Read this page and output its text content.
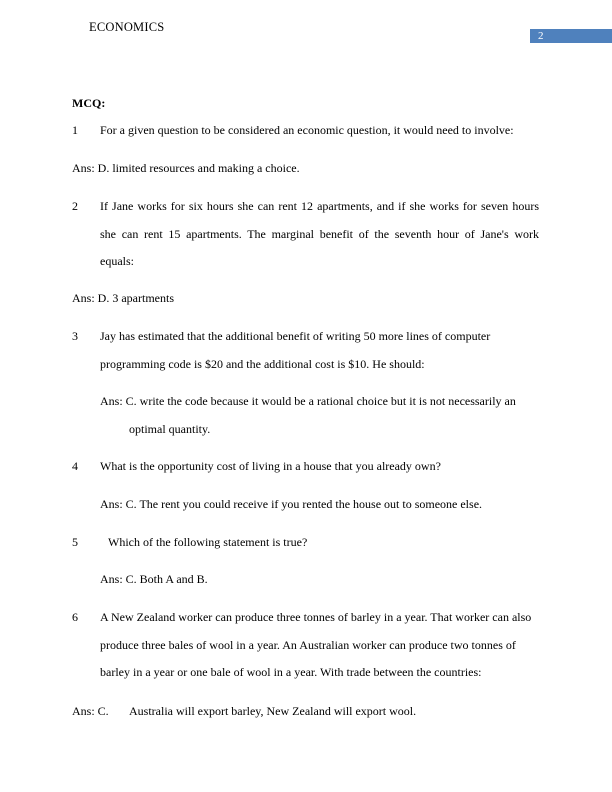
ECONOMICS
2
MCQ:
1 For a given question to be considered an economic question, it would need to involve:
Ans: D. limited resources and making a choice.
2 If Jane works for six hours she can rent 12 apartments, and if she works for seven hours
she can rent 15 apartments. The marginal benefit of the seventh hour of Jane's work
equals:
Ans: D. 3 apartments
3 Jay has estimated that the additional benefit of writing 50 more lines of computer
programming code is $20 and the additional cost is $10. He should:
Ans: C. write the code because it would be a rational choice but it is not necessarily an
optimal quantity.
4 What is the opportunity cost of living in a house that you already own?
Ans: C. The rent you could receive if you rented the house out to someone else.
5	Which of the following statement is true?
Ans: C. Both A and B.
6 A New Zealand worker can produce three tonnes of barley in a year. That worker can also
produce three bales of wool in a year. An Australian worker can produce two tonnes of
barley in a year or one bale of wool in a year. With trade between the countries:
Ans: C. Australia will export barley, New Zealand will export wool.
